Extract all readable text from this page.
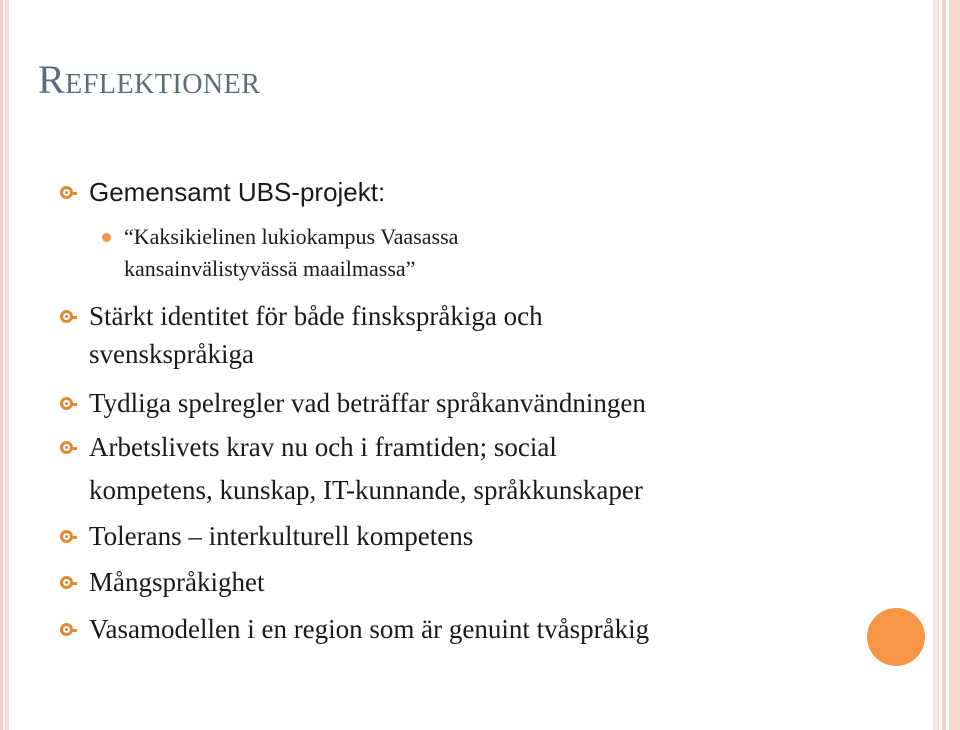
Reflektioner
Gemensamt UBS-projekt:
“Kaksikielinen lukiokampus Vaasassa
kansainvälistyvässä maailmassa”
Stärkt identitet för både finskspråkiga och
svenskspråkiga
Tydliga spelregler vad beträffar språkanvändningen
Arbetslivets krav nu och i framtiden; social
kompetens, kunskap, IT-kunnande, språkkunskaper
Tolerans – interkulturell kompetens
Mångspråkighet
Vasamodellen i en region som är genuint tvåspråkig
